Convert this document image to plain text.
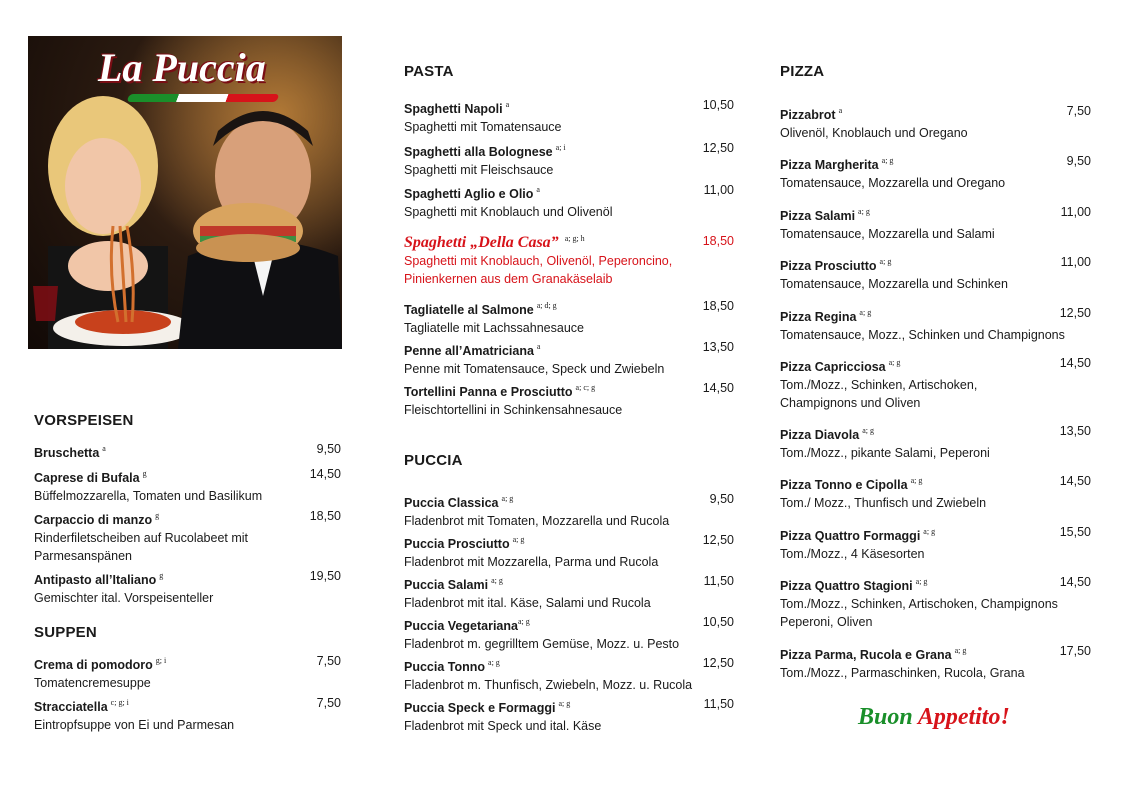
La Puccia
VORSPEISEN
SUPPEN
PASTA
PUCCIA
PIZZA
Bruschetta $^a$	9,50
Caprese di Bufala $^g$	14,50
Büffelmozzarella, Tomaten und Basilikum
Carpaccio di manzo $^g$	18,50
Rinderfiletscheiben auf Rucolabeet mit Parmesanspänen
Antipasto all’Italiano $^g$	19,50
Gemischter ital. Vorspeisenteller
Crema di pomodoro $^{g; i}$	7,50
Tomatencremesuppe
Stracciatella $^{c; g; i}$	7,50
Eintropfsuppe von Ei und Parmesan
Spaghetti Napoli $^a$	10,50
Spaghetti mit Tomatensauce
Spaghetti alla Bolognese $^{a; i}$	12,50
Spaghetti mit Fleischsauce
Spaghetti Aglio e Olio $^a$	11,00
Spaghetti mit Knoblauch und Olivenöl
Spaghetti „Della Casa” $^{a; g; h}$	18,50
Spaghetti mit Knoblauch, Olivenöl, Peperoncino, Pinienkernen aus dem Granakäselaib
Tagliatelle al Salmone $^{a; d; g}$	18,50
Tagliatelle mit Lachssahnesauce
Penne all’Amatriciana $^a$	13,50
Penne mit Tomatensauce, Speck und Zwiebeln
Tortellini Panna e Prosciutto $^{a; c; g}$	14,50
Fleischtortellini in Schinkensahnesauce
Puccia Classica $^{a; g}$	9,50
Fladenbrot mit Tomaten, Mozzarella und Rucola
Puccia Prosciutto $^{a; g}$	12,50
Fladenbrot mit Mozzarella, Parma und Rucola
Puccia Salami $^{a; g}$	11,50
Fladenbrot mit ital. Käse, Salami und Rucola
Puccia Vegetariana$^{a; g}$	10,50
Fladenbrot m. gegrilltem Gemüse, Mozz. u. Pesto
Puccia Tonno $^{a; g}$	12,50
Fladenbrot m. Thunfisch, Zwiebeln, Mozz. u. Rucola
Puccia Speck e Formaggi $^{a; g}$	11,50
Fladenbrot mit Speck und ital. Käse
Pizzabrot $^a$	7,50
Olivenöl, Knoblauch und Oregano
Pizza Margherita $^{a; g}$	9,50
Tomatensauce, Mozzarella und Oregano
Pizza Salami $^{a; g}$	11,00
Tomatensauce, Mozzarella und Salami
Pizza Prosciutto $^{a; g}$	11,00
Tomatensauce, Mozzarella und Schinken
Pizza Regina $^{a; g}$	12,50
Tomatensauce, Mozz., Schinken und Champignons
Pizza Capricciosa $^{a; g}$	14,50
Tom./Mozz., Schinken, Artischoken, Champignons und Oliven
Pizza Diavola $^{a; g}$	13,50
Tom./Mozz., pikante Salami, Peperoni
Pizza Tonno e Cipolla $^{a; g}$	14,50
Tom./ Mozz., Thunfisch und Zwiebeln
Pizza Quattro Formaggi $^{a; g}$	15,50
Tom./Mozz., 4 Käsesorten
Pizza Quattro Stagioni $^{a; g}$	14,50
Tom./Mozz., Schinken, Artischoken, Champignons Peperoni, Oliven
Pizza Parma, Rucola e Grana $^{a; g}$	17,50
Tom./Mozz., Parmaschinken, Rucola, Grana
Buon Appetito!
